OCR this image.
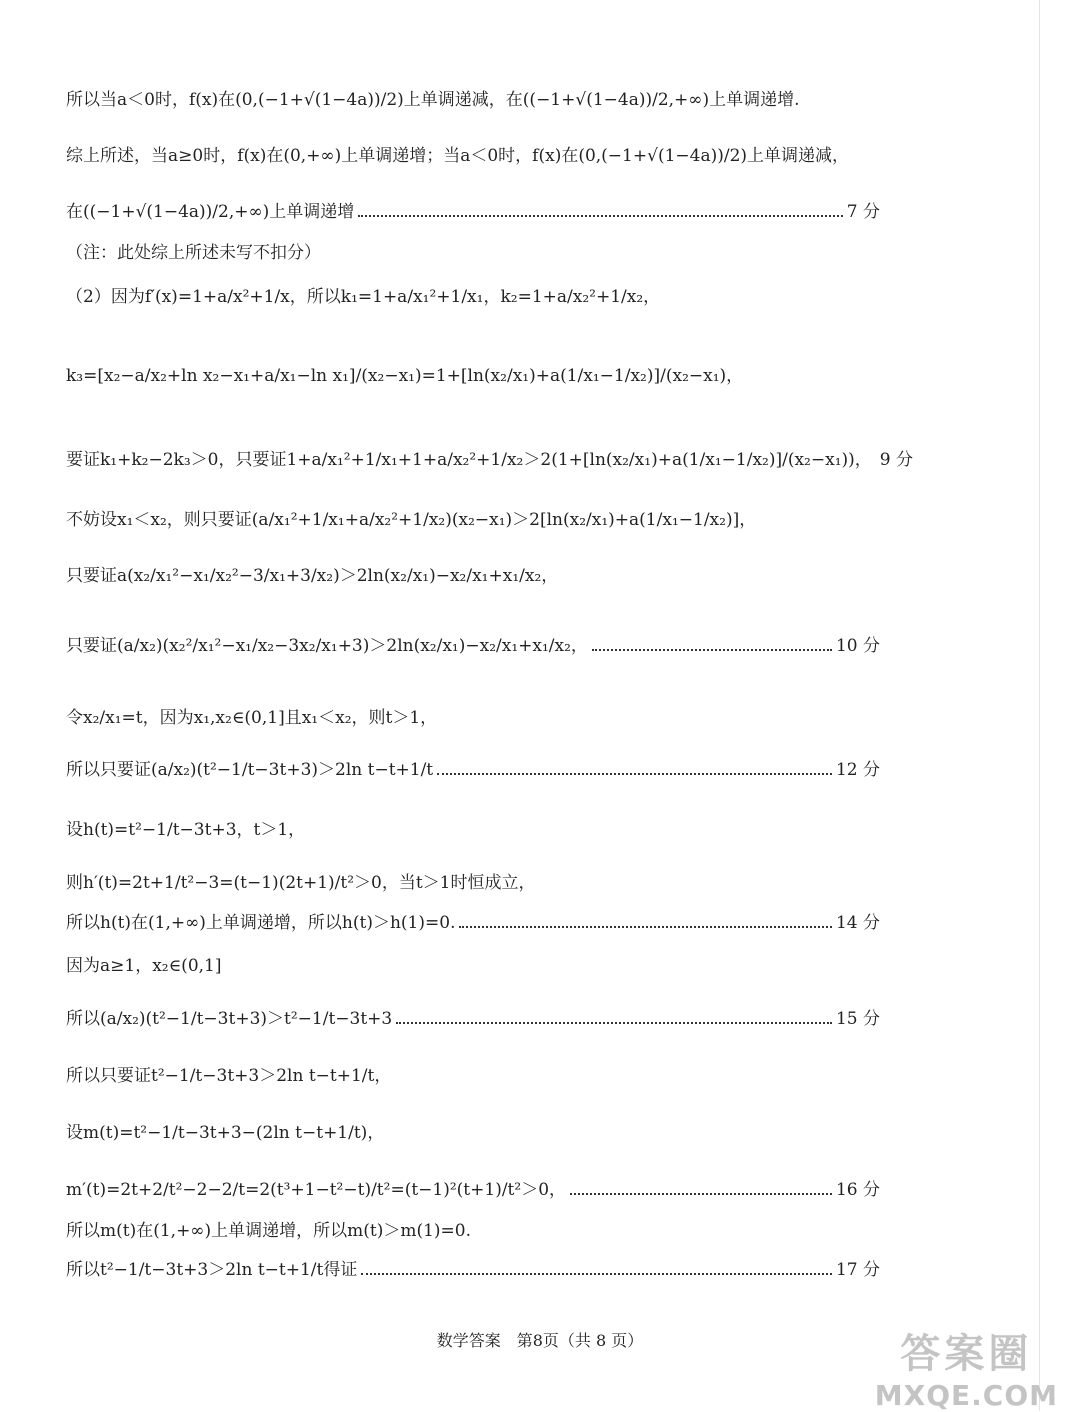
所以当a＜0时，f(x)在(0,(−1+√(1−4a))/2)上单调递减，在((−1+√(1−4a))/2,+∞)上单调递增.
综上所述，当a≥0时，f(x)在(0,+∞)上单调递增；当a＜0时，f(x)在(0,(−1+√(1−4a))/2)上单调递减，
在((−1+√(1−4a))/2,+∞)上单调递增	7 分
（注：此处综上所述未写不扣分）
（2）因为f′(x)=1+a/x²+1/x，所以k₁=1+a/x₁²+1/x₁，k₂=1+a/x₂²+1/x₂，
k₃=[x₂−a/x₂+ln x₂−x₁+a/x₁−ln x₁]/(x₂−x₁)=1+[ln(x₂/x₁)+a(1/x₁−1/x₂)]/(x₂−x₁)，
要证k₁+k₂−2k₃＞0，只要证1+a/x₁²+1/x₁+1+a/x₂²+1/x₂＞2(1+[ln(x₂/x₁)+a(1/x₁−1/x₂)]/(x₂−x₁))， 9 分
不妨设x₁＜x₂，则只要证(a/x₁²+1/x₁+a/x₂²+1/x₂)(x₂−x₁)＞2[ln(x₂/x₁)+a(1/x₁−1/x₂)]，
只要证a(x₂/x₁²−x₁/x₂²−3/x₁+3/x₂)＞2ln(x₂/x₁)−x₂/x₁+x₁/x₂，
只要证(a/x₂)(x₂²/x₁²−x₁/x₂−3x₂/x₁+3)＞2ln(x₂/x₁)−x₂/x₁+x₁/x₂，	10 分
令x₂/x₁=t，因为x₁,x₂∈(0,1]且x₁＜x₂，则t＞1，
所以只要证(a/x₂)(t²−1/t−3t+3)＞2ln t−t+1/t	12 分
设h(t)=t²−1/t−3t+3，t＞1，
则h′(t)=2t+1/t²−3=(t−1)(2t+1)/t²＞0，当t＞1时恒成立，
所以h(t)在(1,+∞)上单调递增，所以h(t)＞h(1)=0.	14 分
因为a≥1，x₂∈(0,1]
所以(a/x₂)(t²−1/t−3t+3)＞t²−1/t−3t+3	15 分
所以只要证t²−1/t−3t+3＞2ln t−t+1/t，
设m(t)=t²−1/t−3t+3−(2ln t−t+1/t)，
m′(t)=2t+2/t²−2−2/t=2(t³+1−t²−t)/t²=(t−1)²(t+1)/t²＞0，	16 分
所以m(t)在(1,+∞)上单调递增，所以m(t)＞m(1)=0.
所以t²−1/t−3t+3＞2ln t−t+1/t得证	17 分
数学答案　第8页（共 8 页）	答案圈
MXQE.COM
